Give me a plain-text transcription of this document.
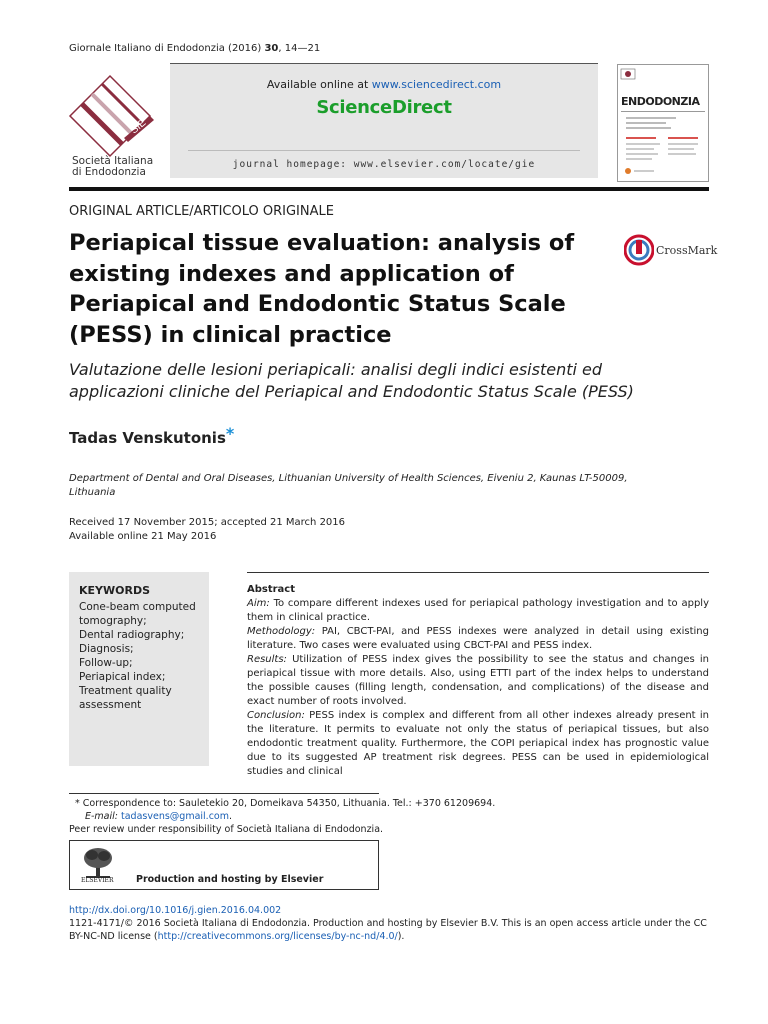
Giornale Italiano di Endodonzia (2016) 30, 14—21
SIE
Società Italiana
di Endodonzia
Available online at www.sciencedirect.com
ScienceDirect
journal homepage: www.elsevier.com/locate/gie
ENDODONZIA
ORIGINAL ARTICLE/ARTICOLO ORIGINALE
Periapical tissue evaluation: analysis of existing indexes and application of Periapical and Endodontic Status Scale (PESS) in clinical practice
CrossMark
Valutazione delle lesioni periapicali: analisi degli indici esistenti ed applicazioni cliniche del Periapical and Endodontic Status Scale (PESS)
Tadas Venskutonis*
Department of Dental and Oral Diseases, Lithuanian University of Health Sciences, Eiveniu 2, Kaunas LT-50009, Lithuania
Received 17 November 2015; accepted 21 March 2016
Available online 21 May 2016
KEYWORDS
Cone-beam computed tomography;
Dental radiography;
Diagnosis;
Follow-up;
Periapical index;
Treatment quality assessment
Abstract
Aim: To compare different indexes used for periapical pathology investigation and to apply them in clinical practice.
Methodology: PAI, CBCT-PAI, and PESS indexes were analyzed in detail using existing literature. Two cases were evaluated using CBCT-PAI and PESS index.
Results: Utilization of PESS index gives the possibility to see the status and changes in periapical tissue with more details. Also, using ETTI part of the index helps to understand the possible causes (filling length, condensation, and complications) of the disease and exact number of roots involved.
Conclusion: PESS index is complex and different from all other indexes already present in the literature. It permits to evaluate not only the status of periapical tissues, but also endodontic treatment quality. Furthermore, the COPI periapical index has prognostic value due to its suggested AP treatment risk degrees. PESS can be used in epidemiological studies and clinical
* Correspondence to: Sauletekio 20, Domeikava 54350, Lithuania. Tel.: +370 61209694.
E-mail: tadasvens@gmail.com.
Peer review under responsibility of Società Italiana di Endodonzia.
ELSEVIER Production and hosting by Elsevier
http://dx.doi.org/10.1016/j.gien.2016.04.002
1121-4171/© 2016 Società Italiana di Endodonzia. Production and hosting by Elsevier B.V. This is an open access article under the CC BY-NC-ND license (http://creativecommons.org/licenses/by-nc-nd/4.0/).
